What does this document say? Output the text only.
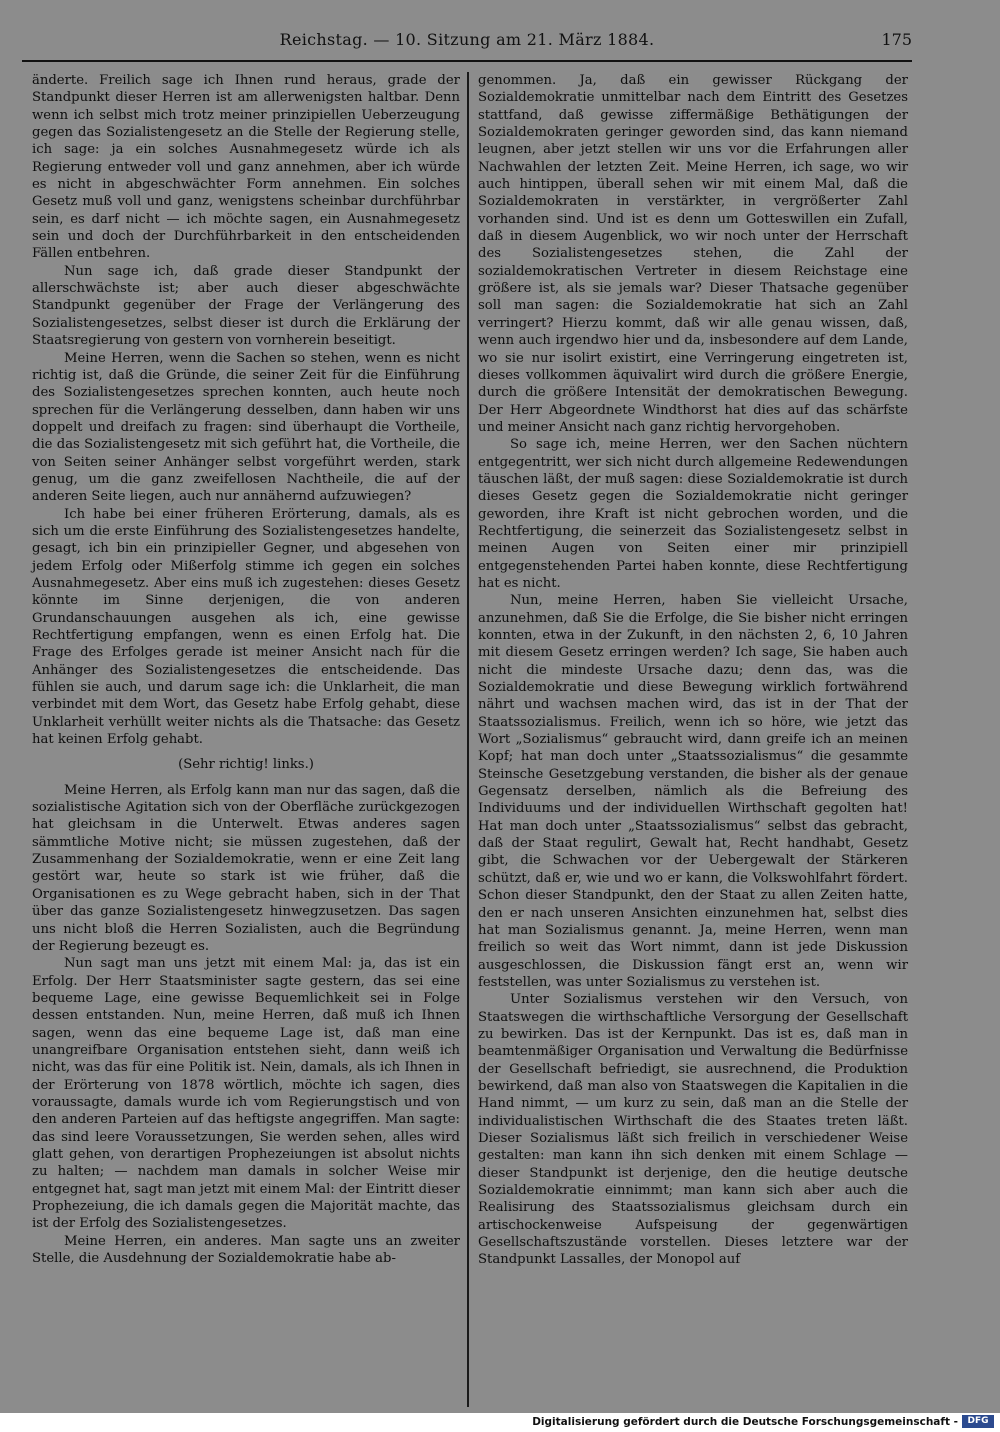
Reichstag. — 10. Sitzung am 21. März 1884.	175

änderte. Freilich sage ich Ihnen rund heraus, grade der Standpunkt dieser Herren ist am allerwenigsten haltbar. Denn wenn ich selbst mich trotz meiner prinzipiellen Ueberzeugung gegen das Sozialistengesetz an die Stelle der Regierung stelle, ich sage: ja ein solches Ausnahmegesetz würde ich als Regierung entweder voll und ganz annehmen, aber ich würde es nicht in abgeschwächter Form annehmen. Ein solches Gesetz muß voll und ganz, wenigstens scheinbar durchführbar sein, es darf nicht — ich möchte sagen, ein Ausnahmegesetz sein und doch der Durchführbarkeit in den entscheidenden Fällen entbehren.

Nun sage ich, daß grade dieser Standpunkt der allerschwächste ist; aber auch dieser abgeschwächte Standpunkt gegenüber der Frage der Verlängerung des Sozialistengesetzes, selbst dieser ist durch die Erklärung der Staatsregierung von gestern von vornherein beseitigt.

Meine Herren, wenn die Sachen so stehen, wenn es nicht richtig ist, daß die Gründe, die seiner Zeit für die Einführung des Sozialistengesetzes sprechen konnten, auch heute noch sprechen für die Verlängerung desselben, dann haben wir uns doppelt und dreifach zu fragen: sind überhaupt die Vortheile, die das Sozialistengesetz mit sich geführt hat, die Vortheile, die von Seiten seiner Anhänger selbst vorgeführt werden, stark genug, um die ganz zweifellosen Nachtheile, die auf der anderen Seite liegen, auch nur annähernd aufzuwiegen?

Ich habe bei einer früheren Erörterung, damals, als es sich um die erste Einführung des Sozialistengesetzes handelte, gesagt, ich bin ein prinzipieller Gegner, und abgesehen von jedem Erfolg oder Mißerfolg stimme ich gegen ein solches Ausnahmegesetz. Aber eins muß ich zugestehen: dieses Gesetz könnte im Sinne derjenigen, die von anderen Grundanschauungen ausgehen als ich, eine gewisse Rechtfertigung empfangen, wenn es einen Erfolg hat. Die Frage des Erfolges gerade ist meiner Ansicht nach für die Anhänger des Sozialistengesetzes die entscheidende. Das fühlen sie auch, und darum sage ich: die Unklarheit, die man verbindet mit dem Wort, das Gesetz habe Erfolg gehabt, diese Unklarheit verhüllt weiter nichts als die Thatsache: das Gesetz hat keinen Erfolg gehabt.

(Sehr richtig! links.)

Meine Herren, als Erfolg kann man nur das sagen, daß die sozialistische Agitation sich von der Oberfläche zurückgezogen hat gleichsam in die Unterwelt. Etwas anderes sagen sämmtliche Motive nicht; sie müssen zugestehen, daß der Zusammenhang der Sozialdemokratie, wenn er eine Zeit lang gestört war, heute so stark ist wie früher, daß die Organisationen es zu Wege gebracht haben, sich in der That über das ganze Sozialistengesetz hinwegzusetzen. Das sagen uns nicht bloß die Herren Sozialisten, auch die Begründung der Regierung bezeugt es.

Nun sagt man uns jetzt mit einem Mal: ja, das ist ein Erfolg. Der Herr Staatsminister sagte gestern, das sei eine bequeme Lage, eine gewisse Bequemlichkeit sei in Folge dessen entstanden. Nun, meine Herren, daß muß ich Ihnen sagen, wenn das eine bequeme Lage ist, daß man eine unangreifbare Organisation entstehen sieht, dann weiß ich nicht, was das für eine Politik ist. Nein, damals, als ich Ihnen in der Erörterung von 1878 wörtlich, möchte ich sagen, dies voraussagte, damals wurde ich vom Regierungstisch und von den anderen Parteien auf das heftigste angegriffen. Man sagte: das sind leere Voraussetzungen, Sie werden sehen, alles wird glatt gehen, von derartigen Prophezeiungen ist absolut nichts zu halten; — nachdem man damals in solcher Weise mir entgegnet hat, sagt man jetzt mit einem Mal: der Eintritt dieser Prophezeiung, die ich damals gegen die Majorität machte, das ist der Erfolg des Sozialistengesetzes.

Meine Herren, ein anderes. Man sagte uns an zweiter Stelle, die Ausdehnung der Sozialdemokratie habe ab-

genommen. Ja, daß ein gewisser Rückgang der Sozialdemokratie unmittelbar nach dem Eintritt des Gesetzes stattfand, daß gewisse ziffermäßige Bethätigungen der Sozialdemokraten geringer geworden sind, das kann niemand leugnen, aber jetzt stellen wir uns vor die Erfahrungen aller Nachwahlen der letzten Zeit. Meine Herren, ich sage, wo wir auch hintippen, überall sehen wir mit einem Mal, daß die Sozialdemokraten in verstärkter, in vergrößerter Zahl vorhanden sind. Und ist es denn um Gotteswillen ein Zufall, daß in diesem Augenblick, wo wir noch unter der Herrschaft des Sozialistengesetzes stehen, die Zahl der sozialdemokratischen Vertreter in diesem Reichstage eine größere ist, als sie jemals war? Dieser Thatsache gegenüber soll man sagen: die Sozialdemokratie hat sich an Zahl verringert? Hierzu kommt, daß wir alle genau wissen, daß, wenn auch irgendwo hier und da, insbesondere auf dem Lande, wo sie nur isolirt existirt, eine Verringerung eingetreten ist, dieses vollkommen äquivalirt wird durch die größere Energie, durch die größere Intensität der demokratischen Bewegung. Der Herr Abgeordnete Windthorst hat dies auf das schärfste und meiner Ansicht nach ganz richtig hervorgehoben.

So sage ich, meine Herren, wer den Sachen nüchtern entgegentritt, wer sich nicht durch allgemeine Redewendungen täuschen läßt, der muß sagen: diese Sozialdemokratie ist durch dieses Gesetz gegen die Sozialdemokratie nicht geringer geworden, ihre Kraft ist nicht gebrochen worden, und die Rechtfertigung, die seinerzeit das Sozialistengesetz selbst in meinen Augen von Seiten einer mir prinzipiell entgegenstehenden Partei haben konnte, diese Rechtfertigung hat es nicht.

Nun, meine Herren, haben Sie vielleicht Ursache, anzunehmen, daß Sie die Erfolge, die Sie bisher nicht erringen konnten, etwa in der Zukunft, in den nächsten 2, 6, 10 Jahren mit diesem Gesetz erringen werden? Ich sage, Sie haben auch nicht die mindeste Ursache dazu; denn das, was die Sozialdemokratie und diese Bewegung wirklich fortwährend nährt und wachsen machen wird, das ist in der That der Staatssozialismus. Freilich, wenn ich so höre, wie jetzt das Wort „Sozialismus“ gebraucht wird, dann greife ich an meinen Kopf; hat man doch unter „Staatssozialismus“ die gesammte Steinsche Gesetzgebung verstanden, die bisher als der genaue Gegensatz derselben, nämlich als die Befreiung des Individuums und der individuellen Wirthschaft gegolten hat! Hat man doch unter „Staatssozialismus“ selbst das gebracht, daß der Staat regulirt, Gewalt hat, Recht handhabt, Gesetz gibt, die Schwachen vor der Uebergewalt der Stärkeren schützt, daß er, wie und wo er kann, die Volkswohlfahrt fördert. Schon dieser Standpunkt, den der Staat zu allen Zeiten hatte, den er nach unseren Ansichten einzunehmen hat, selbst dies hat man Sozialismus genannt. Ja, meine Herren, wenn man freilich so weit das Wort nimmt, dann ist jede Diskussion ausgeschlossen, die Diskussion fängt erst an, wenn wir feststellen, was unter Sozialismus zu verstehen ist.

Unter Sozialismus verstehen wir den Versuch, von Staatswegen die wirthschaftliche Versorgung der Gesellschaft zu bewirken. Das ist der Kernpunkt. Das ist es, daß man in beamtenmäßiger Organisation und Verwaltung die Bedürfnisse der Gesellschaft befriedigt, sie ausrechnend, die Produktion bewirkend, daß man also von Staatswegen die Kapitalien in die Hand nimmt, — um kurz zu sein, daß man an die Stelle der individualistischen Wirthschaft die des Staates treten läßt. Dieser Sozialismus läßt sich freilich in verschiedener Weise gestalten: man kann ihn sich denken mit einem Schlage — dieser Standpunkt ist derjenige, den die heutige deutsche Sozialdemokratie einnimmt; man kann sich aber auch die Realisirung des Staatssozialismus gleichsam durch ein artischockenweise Aufspeisung der gegenwärtigen Gesellschaftszustände vorstellen. Dieses letztere war der Standpunkt Lassalles, der Monopol auf

Digitalisierung gefördert durch die Deutsche Forschungsgemeinschaft -	DFG
